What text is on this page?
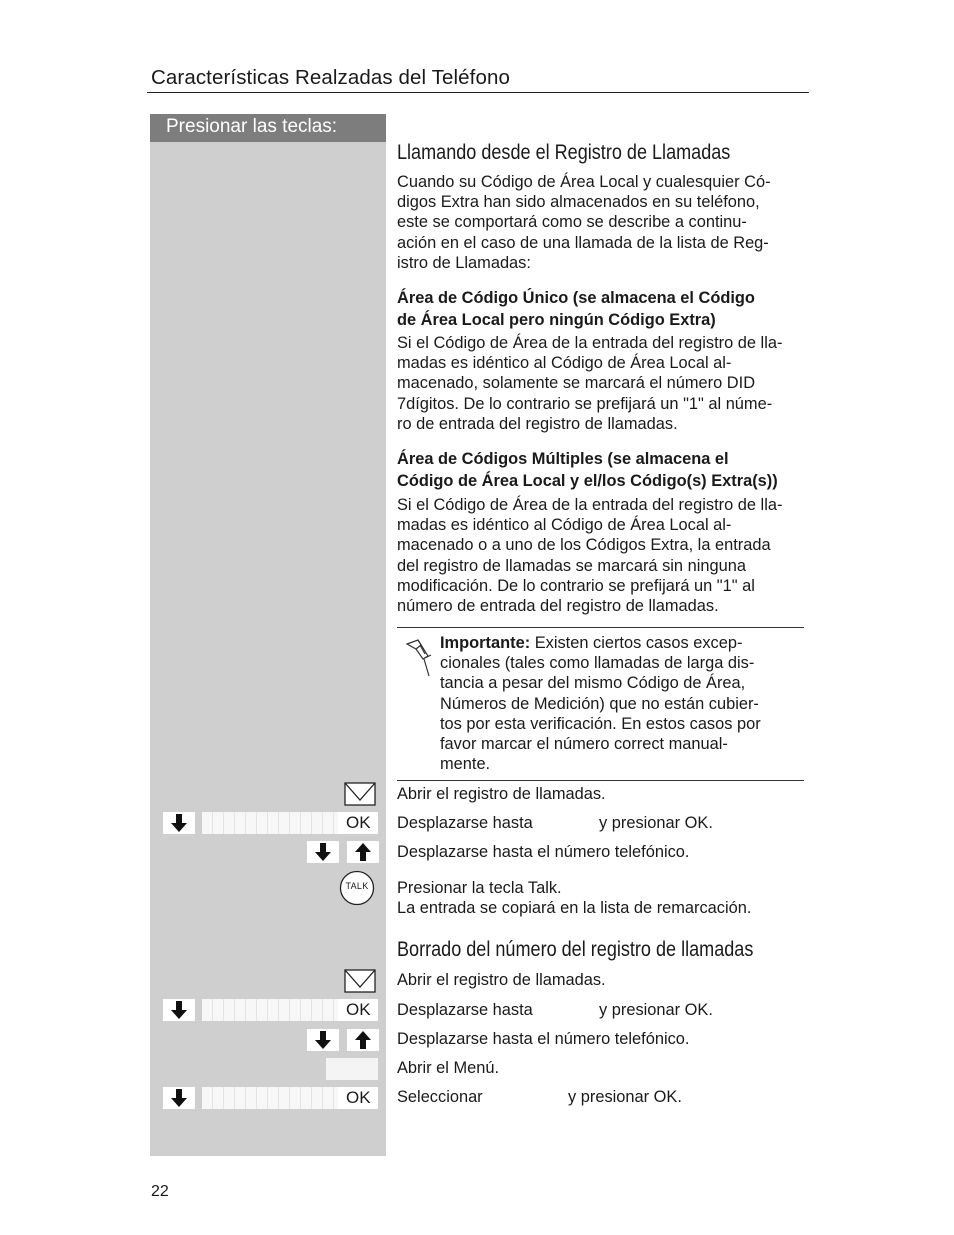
Características Realzadas del Teléfono
Presionar las teclas:
Llamando desde el Registro de Llamadas
Cuando su Código de Área Local y cualesquier Có-
digos Extra han sido almacenados en su teléfono,
este se comportará como se describe a continu-
ación en el caso de una llamada de la lista de Reg-
istro de Llamadas:
Área de Código Único (se almacena el Código
de Área Local pero ningún Código Extra)
Si el Código de Área de la entrada del registro de lla-
madas es idéntico al Código de Área Local al-
macenado, solamente se marcará el número DID
7dígitos. De lo contrario se prefijará un "1" al núme-
ro de entrada del registro de llamadas.
Área de Códigos Múltiples (se almacena el
Código de Área Local y el/los Código(s) Extra(s))
Si el Código de Área de la entrada del registro de lla-
madas es idéntico al Código de Área Local al-
macenado o a uno de los Códigos Extra, la entrada
del registro de llamadas se marcará sin ninguna
modificación. De lo contrario se prefijará un "1" al
número de entrada del registro de llamadas.
Importante: Existen ciertos casos excep-
cionales (tales como llamadas de larga dis-
tancia a pesar del mismo Código de Área,
Números de Medición) que no están cubier-
tos por esta verificación. En estos casos por
favor marcar el número correct manual-
mente.
Abrir el registro de llamadas.
OK Desplazarse hasta	y presionar OK.
Desplazarse hasta el número telefónico.
TALK Presionar la tecla Talk.
La entrada se copiará en la lista de remarcación.
Borrado del número del registro de llamadas
Abrir el registro de llamadas.
OK Desplazarse hasta	y presionar OK.
Desplazarse hasta el número telefónico.
Abrir el Menú.
OK Seleccionar	y presionar OK.
22
